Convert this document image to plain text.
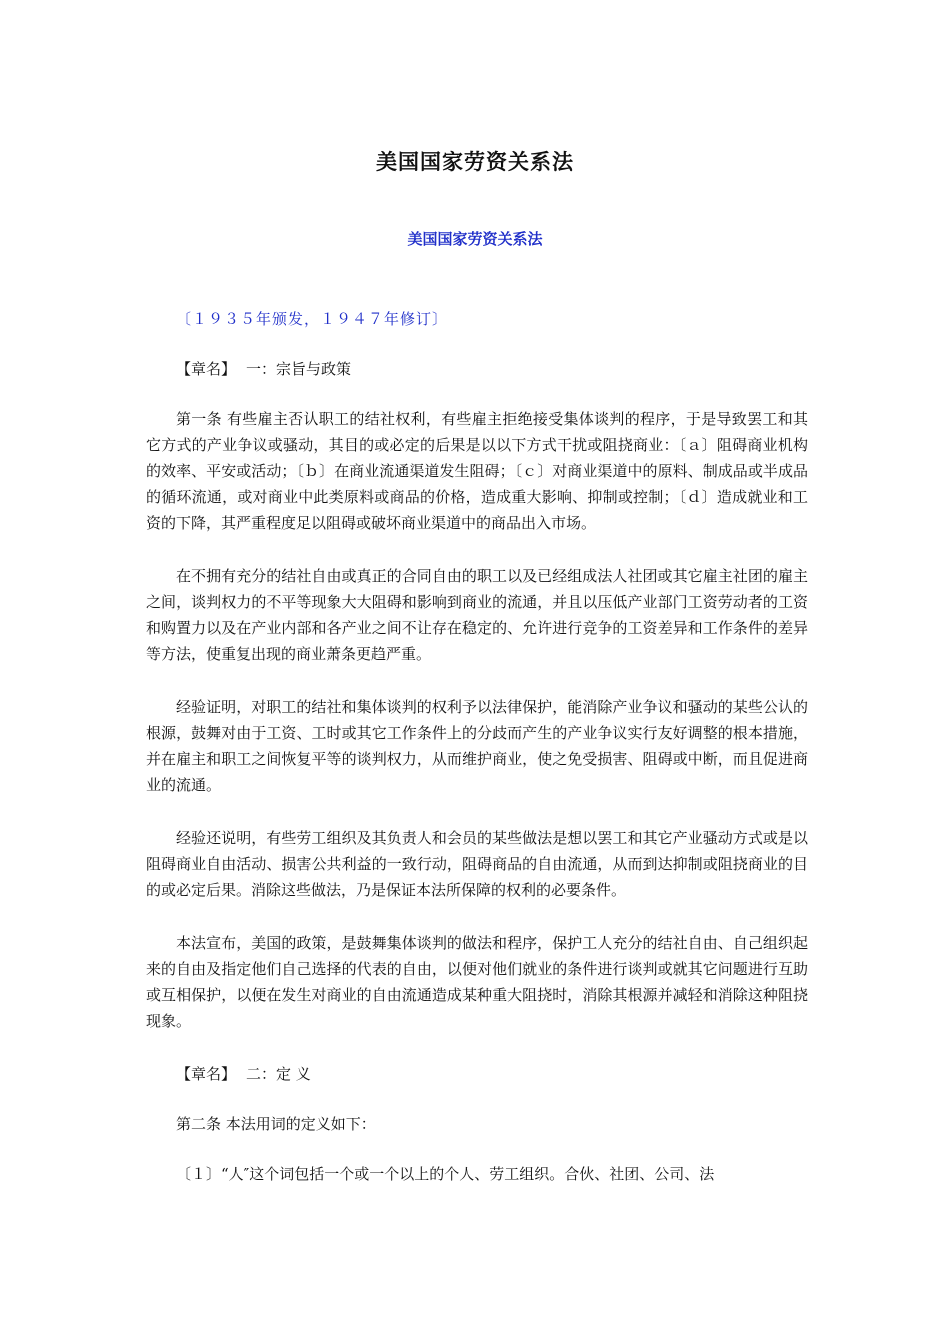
美国国家劳资关系法
美国国家劳资关系法

〔１９３５年颁发，１９４７年修订〕

【章名】 一：宗旨与政策

第一条 有些雇主否认职工的结社权利，有些雇主拒绝接受集体谈判的程序，于是导致罢工和其它方式的产业争议或骚动，其目的或必定的后果是以以下方式干扰或阻挠商业：〔ａ〕阻碍商业机构的效率、平安或活动；〔ｂ〕在商业流通渠道发生阻碍；〔ｃ〕对商业渠道中的原料、制成品或半成品的循环流通，或对商业中此类原料或商品的价格，造成重大影响、抑制或控制；〔ｄ〕造成就业和工资的下降，其严重程度足以阻碍或破坏商业渠道中的商品出入市场。

在不拥有充分的结社自由或真正的合同自由的职工以及已经组成法人社团或其它雇主社团的雇主之间，谈判权力的不平等现象大大阻碍和影响到商业的流通，并且以压低产业部门工资劳动者的工资和购置力以及在产业内部和各产业之间不让存在稳定的、允许进行竞争的工资差异和工作条件的差异等方法，使重复出现的商业萧条更趋严重。

经验证明，对职工的结社和集体谈判的权利予以法律保护，能消除产业争议和骚动的某些公认的根源，鼓舞对由于工资、工时或其它工作条件上的分歧而产生的产业争议实行友好调整的根本措施，并在雇主和职工之间恢复平等的谈判权力，从而维护商业，使之免受损害、阻碍或中断，而且促进商业的流通。

经验还说明，有些劳工组织及其负责人和会员的某些做法是想以罢工和其它产业骚动方式或是以阻碍商业自由活动、损害公共利益的一致行动，阻碍商品的自由流通，从而到达抑制或阻挠商业的目的或必定后果。消除这些做法，乃是保证本法所保障的权利的必要条件。

本法宣布，美国的政策，是鼓舞集体谈判的做法和程序，保护工人充分的结社自由、自己组织起来的自由及指定他们自己选择的代表的自由，以便对他们就业的条件进行谈判或就其它问题进行互助或互相保护，以便在发生对商业的自由流通造成某种重大阻挠时，消除其根源并减轻和消除这种阻挠现象。

【章名】 二：定 义

第二条 本法用词的定义如下：

〔１〕“人″这个词包括一个或一个以上的个人、劳工组织。合伙、社团、公司、法
